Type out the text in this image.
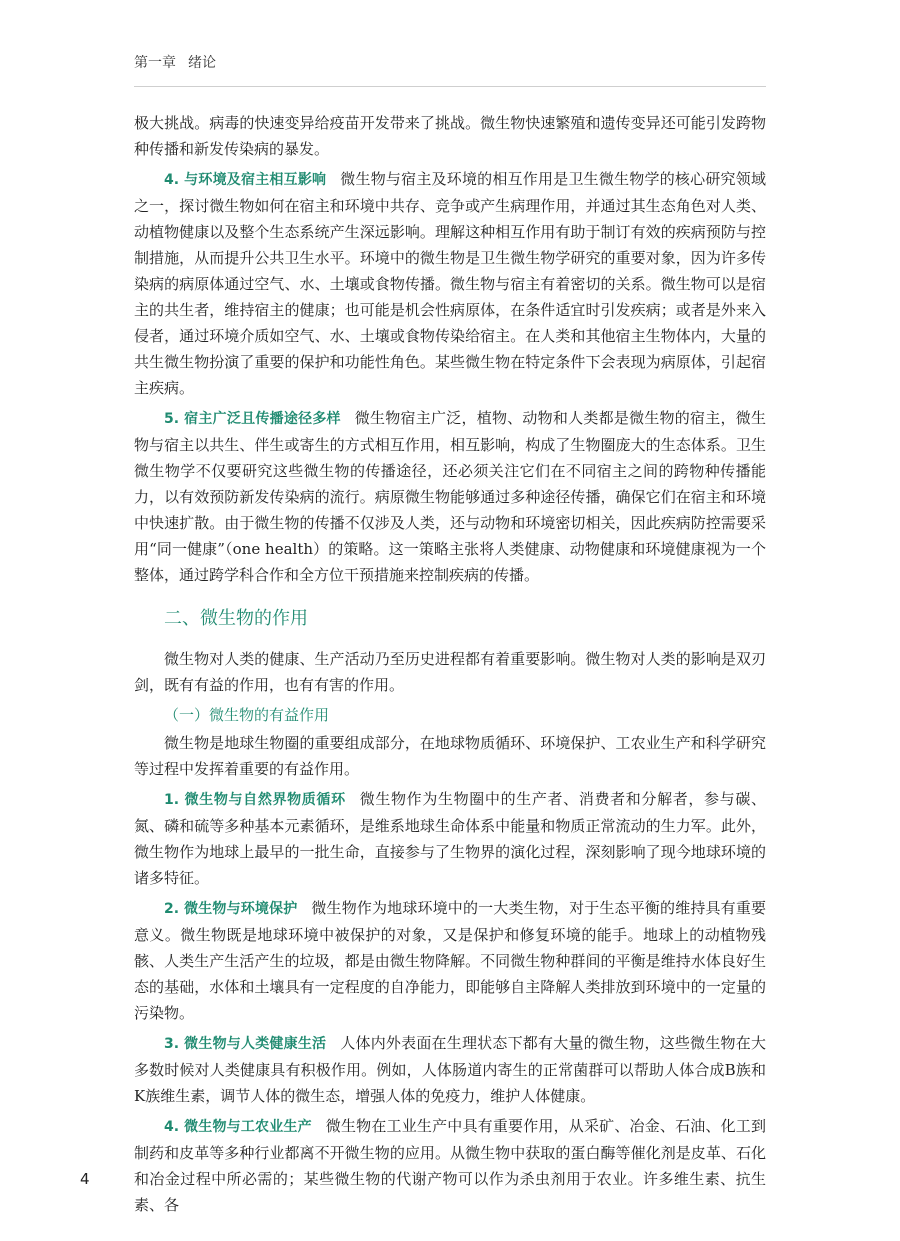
第一章 绪论

极大挑战。病毒的快速变异给疫苗开发带来了挑战。微生物快速繁殖和遗传变异还可能引发跨物种传播和新发传染病的暴发。

4. 与环境及宿主相互影响 微生物与宿主及环境的相互作用是卫生微生物学的核心研究领域之一，探讨微生物如何在宿主和环境中共存、竞争或产生病理作用，并通过其生态角色对人类、动植物健康以及整个生态系统产生深远影响。理解这种相互作用有助于制订有效的疾病预防与控制措施，从而提升公共卫生水平。环境中的微生物是卫生微生物学研究的重要对象，因为许多传染病的病原体通过空气、水、土壤或食物传播。微生物与宿主有着密切的关系。微生物可以是宿主的共生者，维持宿主的健康；也可能是机会性病原体，在条件适宜时引发疾病；或者是外来入侵者，通过环境介质如空气、水、土壤或食物传染给宿主。在人类和其他宿主生物体内，大量的共生微生物扮演了重要的保护和功能性角色。某些微生物在特定条件下会表现为病原体，引起宿主疾病。

5. 宿主广泛且传播途径多样 微生物宿主广泛，植物、动物和人类都是微生物的宿主，微生物与宿主以共生、伴生或寄生的方式相互作用，相互影响，构成了生物圈庞大的生态体系。卫生微生物学不仅要研究这些微生物的传播途径，还必须关注它们在不同宿主之间的跨物种传播能力，以有效预防新发传染病的流行。病原微生物能够通过多种途径传播，确保它们在宿主和环境中快速扩散。由于微生物的传播不仅涉及人类，还与动物和环境密切相关，因此疾病防控需要采用“同一健康”（one health）的策略。这一策略主张将人类健康、动物健康和环境健康视为一个整体，通过跨学科合作和全方位干预措施来控制疾病的传播。

二、微生物的作用

微生物对人类的健康、生产活动乃至历史进程都有着重要影响。微生物对人类的影响是双刃剑，既有有益的作用，也有有害的作用。

（一）微生物的有益作用

微生物是地球生物圈的重要组成部分，在地球物质循环、环境保护、工农业生产和科学研究等过程中发挥着重要的有益作用。

1. 微生物与自然界物质循环 微生物作为生物圈中的生产者、消费者和分解者，参与碳、氮、磷和硫等多种基本元素循环，是维系地球生命体系中能量和物质正常流动的生力军。此外，微生物作为地球上最早的一批生命，直接参与了生物界的演化过程，深刻影响了现今地球环境的诸多特征。

2. 微生物与环境保护 微生物作为地球环境中的一大类生物，对于生态平衡的维持具有重要意义。微生物既是地球环境中被保护的对象，又是保护和修复环境的能手。地球上的动植物残骸、人类生产生活产生的垃圾，都是由微生物降解。不同微生物种群间的平衡是维持水体良好生态的基础，水体和土壤具有一定程度的自净能力，即能够自主降解人类排放到环境中的一定量的污染物。

3. 微生物与人类健康生活 人体内外表面在生理状态下都有大量的微生物，这些微生物在大多数时候对人类健康具有积极作用。例如，人体肠道内寄生的正常菌群可以帮助人体合成B族和K族维生素，调节人体的微生态，增强人体的免疫力，维护人体健康。

4. 微生物与工农业生产 微生物在工业生产中具有重要作用，从采矿、冶金、石油、化工到制药和皮革等多种行业都离不开微生物的应用。从微生物中获取的蛋白酶等催化剂是皮革、石化和冶金过程中所必需的；某些微生物的代谢产物可以作为杀虫剂用于农业。许多维生素、抗生素、各

4
